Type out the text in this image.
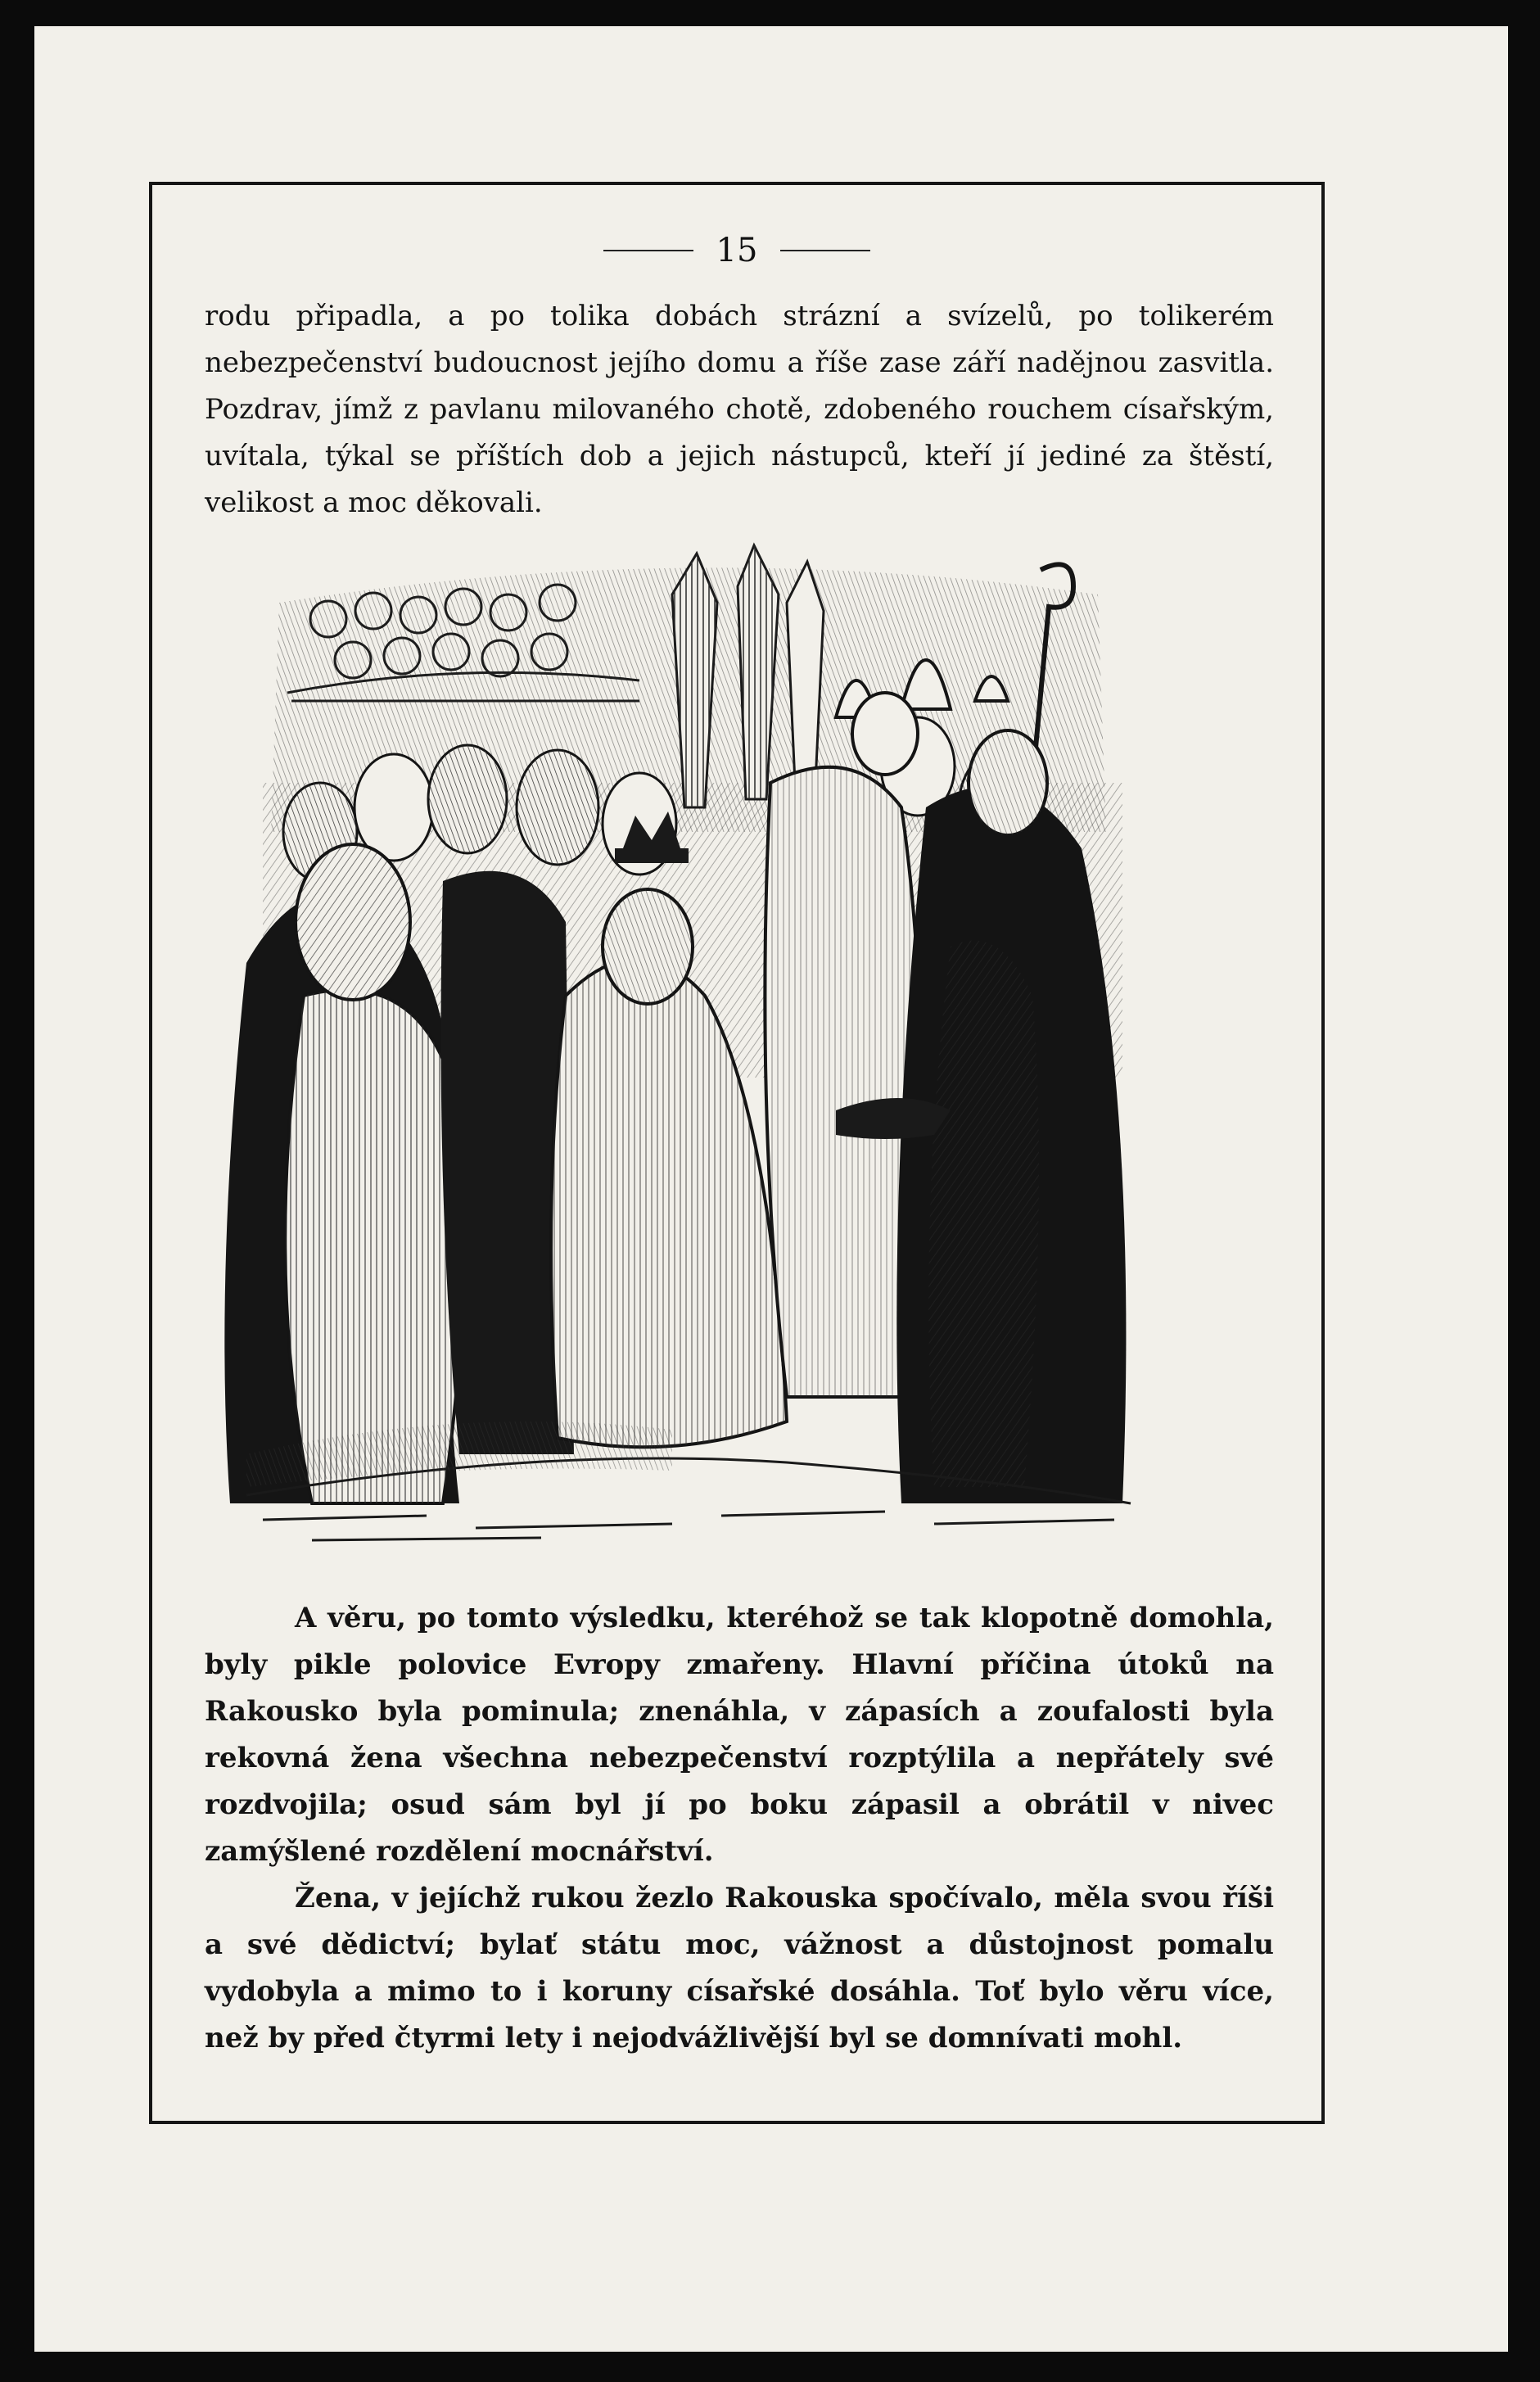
15

rodu připadla, a po tolika dobách strázní a svízelů, po tolikerém nebezpečenství budoucnost jejího domu a říše zase září nadějnou zasvitla. Pozdrav, jímž z pavlanu milovaného chotě, zdobeného rouchem císařským, uvítala, týkal se příštích dob a jejich nástupců, kteří jí jediné za štěstí, velikost a moc děkovali.

A věru, po tomto výsledku, kteréhož se tak klopotně domohla, byly pikle polovice Evropy zmařeny. Hlavní příčina útoků na Rakousko byla pominula; znenáhla, v zápasích a zoufalosti byla rekovná žena všechna nebezpečenství rozptýlila a nepřátely své rozdvojila; osud sám byl jí po boku zápasil a obrátil v nivec zamýšlené rozdělení mocnářství.

Žena, v jejíchž rukou žezlo Rakouska spočívalo, měla svou říši a své dědictví; bylať státu moc, vážnost a důstojnost pomalu vydobyla a mimo to i koruny císařské dosáhla. Toť bylo věru více, než by před čtyrmi lety i nejodvážlivější byl se domnívati mohl.
